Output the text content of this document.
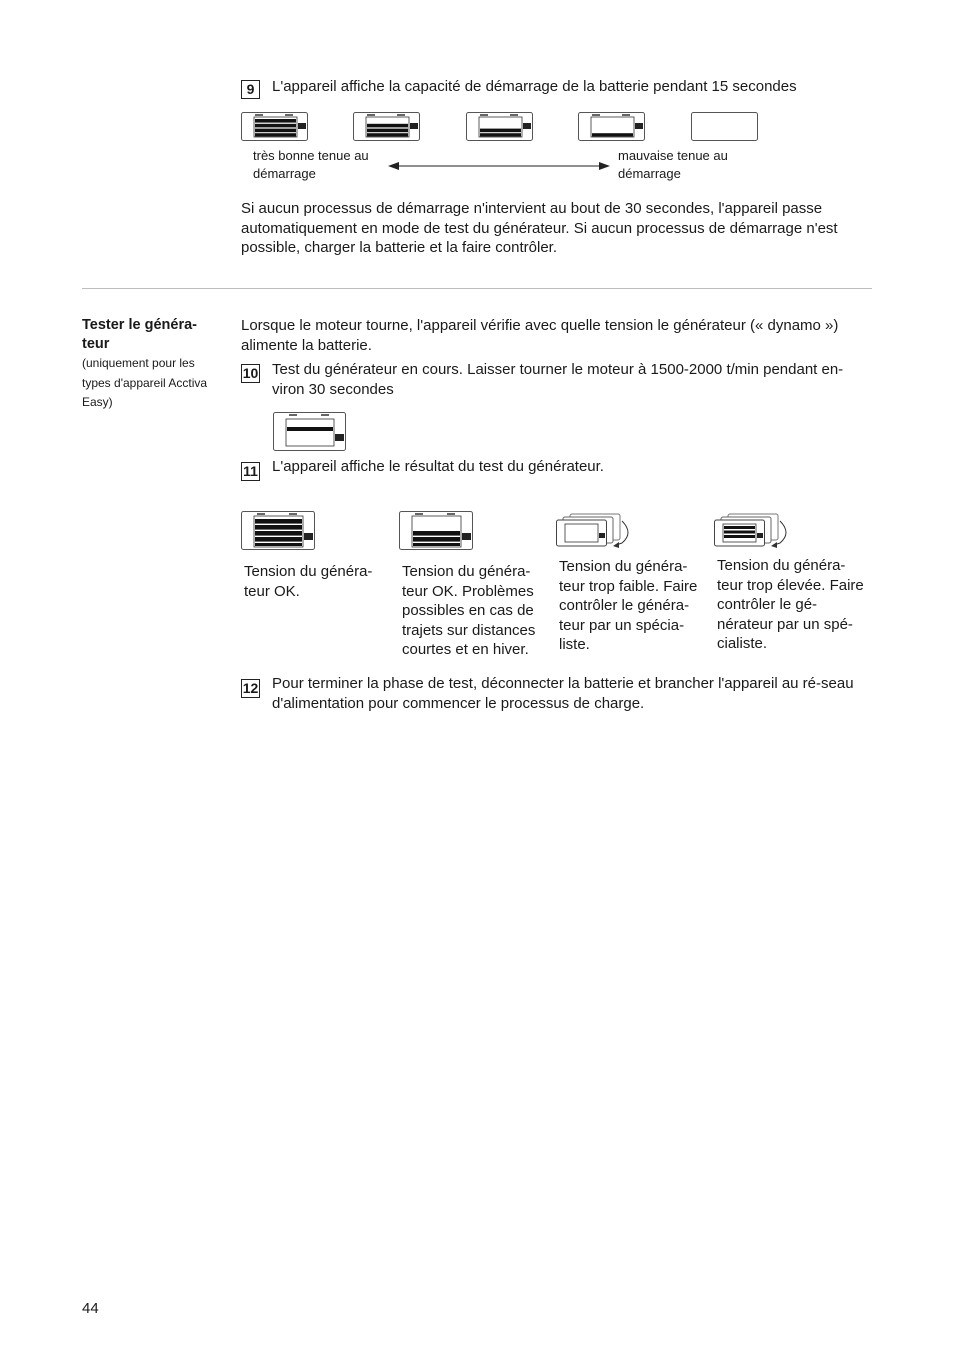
9	L'appareil affiche la capacité de démarrage de la batterie pendant 15 secondes
très bonne tenue au démarrage
mauvaise tenue au démarrage
Si aucun processus de démarrage n'intervient au bout de 30 secondes, l'appareil passe automatiquement en mode de test du générateur. Si aucun processus de démarrage n'est possible, charger la batterie et la faire contrôler.
Tester le généra-teur
(uniquement pour les types d'appareil Acctiva Easy)
Lorsque le moteur tourne, l'appareil vérifie avec quelle tension le générateur (« dynamo ») alimente la batterie.
10 Test du générateur en cours. Laisser tourner le moteur à 1500-2000 t/min pendant en-viron 30 secondes
11 L'appareil affiche le résultat du test du générateur.
Tension du généra-teur OK.
Tension du généra-teur OK. Problèmes possibles en cas de trajets sur distances courtes et en hiver.
Tension du généra-teur trop faible. Faire contrôler le généra-teur par un spécia-liste.
Tension du généra-teur trop élevée. Faire contrôler le gé-nérateur par un spé-cialiste.
12 Pour terminer la phase de test, déconnecter la batterie et brancher l'appareil au ré-seau d'alimentation pour commencer le processus de charge.
44
